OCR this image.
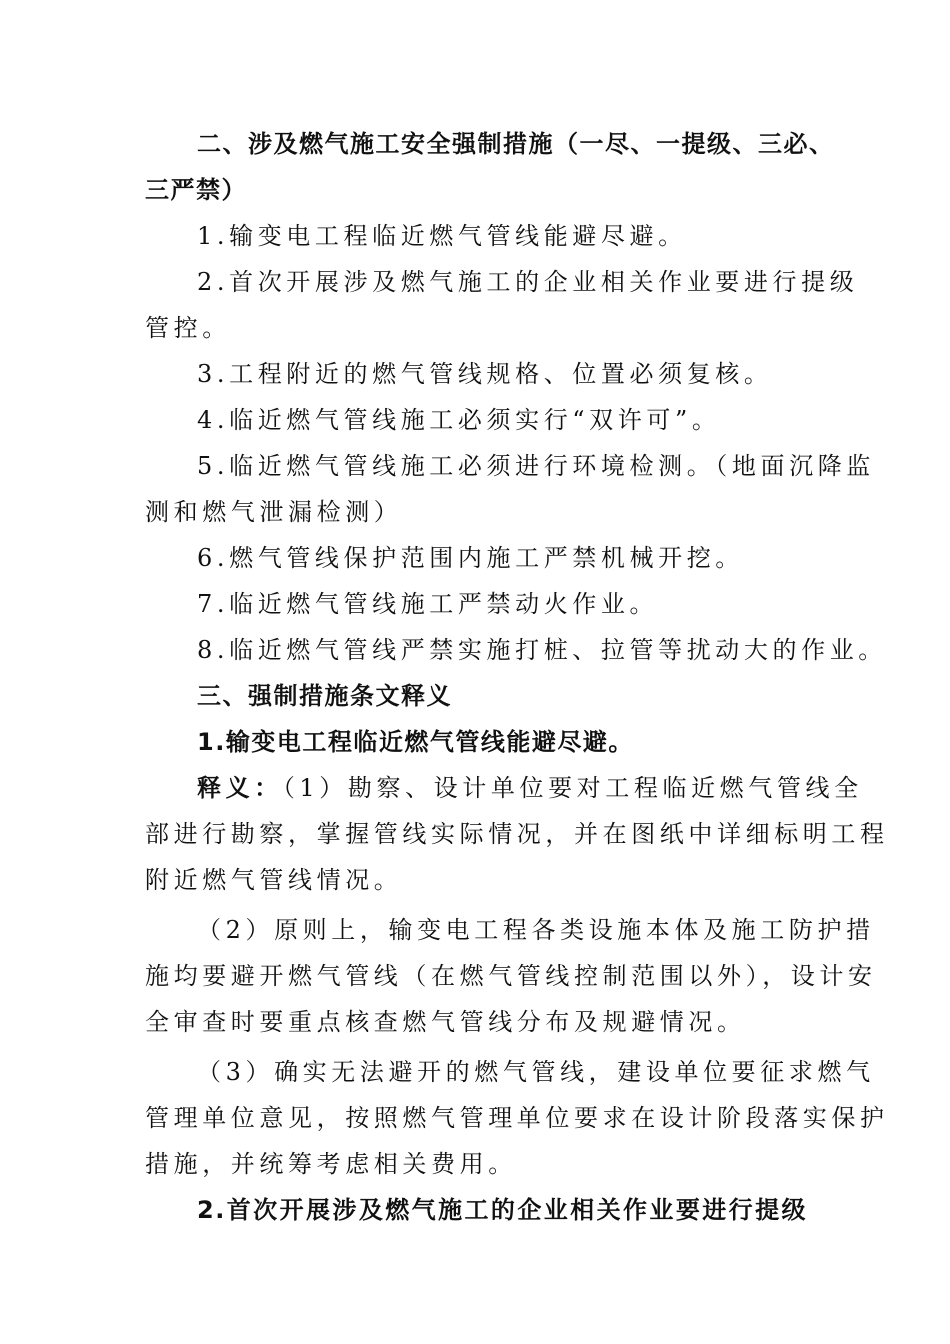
二、涉及燃气施工安全强制措施（一尽、一提级、三必、
三严禁）
1.输变电工程临近燃气管线能避尽避。
2.首次开展涉及燃气施工的企业相关作业要进行提级
管控。
3.工程附近的燃气管线规格、位置必须复核。
4.临近燃气管线施工必须实行“双许可”。
5.临近燃气管线施工必须进行环境检测。（地面沉降监
测和燃气泄漏检测）
6.燃气管线保护范围内施工严禁机械开挖。
7.临近燃气管线施工严禁动火作业。
8.临近燃气管线严禁实施打桩、拉管等扰动大的作业。
三、强制措施条文释义
1.输变电工程临近燃气管线能避尽避。
释义：（1）勘察、设计单位要对工程临近燃气管线全
部进行勘察，掌握管线实际情况，并在图纸中详细标明工程
附近燃气管线情况。
（2）原则上，输变电工程各类设施本体及施工防护措
施均要避开燃气管线（在燃气管线控制范围以外），设计安
全审查时要重点核查燃气管线分布及规避情况。
（3）确实无法避开的燃气管线，建设单位要征求燃气
管理单位意见，按照燃气管理单位要求在设计阶段落实保护
措施，并统筹考虑相关费用。
2.首次开展涉及燃气施工的企业相关作业要进行提级
